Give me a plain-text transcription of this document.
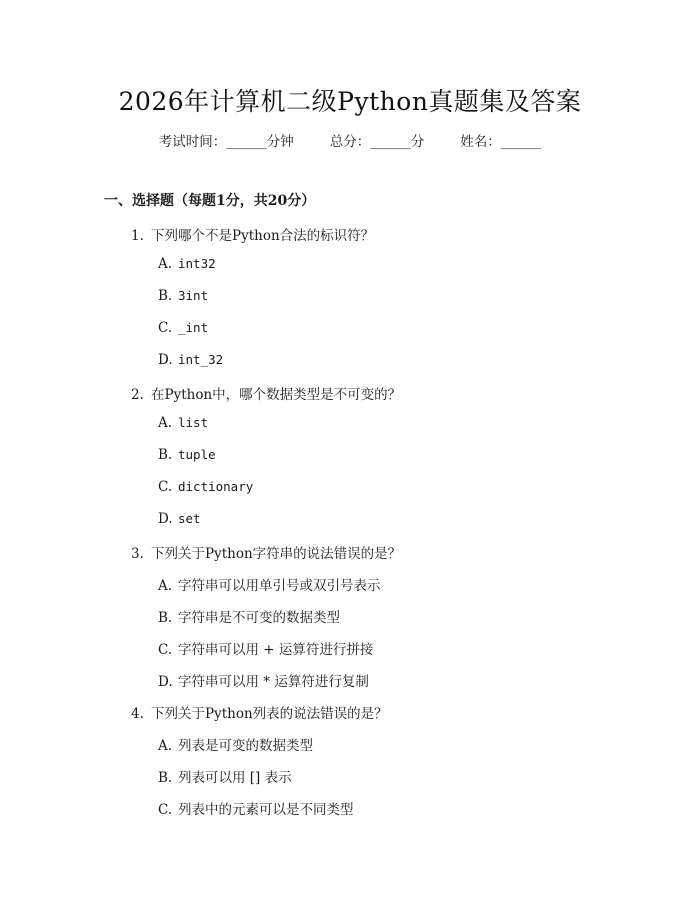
2026年计算机二级Python真题集及答案
考试时间：______分钟	总分：______分	姓名：______
一、选择题（每题1分，共20分）
1. 下列哪个不是Python合法的标识符？
A. int32
B. 3int
C. _int
D. int_32
2. 在Python中，哪个数据类型是不可变的？
A. list
B. tuple
C. dictionary
D. set
3. 下列关于Python字符串的说法错误的是？
A. 字符串可以用单引号或双引号表示
B. 字符串是不可变的数据类型
C. 字符串可以用 + 运算符进行拼接
D. 字符串可以用 * 运算符进行复制
4. 下列关于Python列表的说法错误的是？
A. 列表是可变的数据类型
B. 列表可以用 [] 表示
C. 列表中的元素可以是不同类型
